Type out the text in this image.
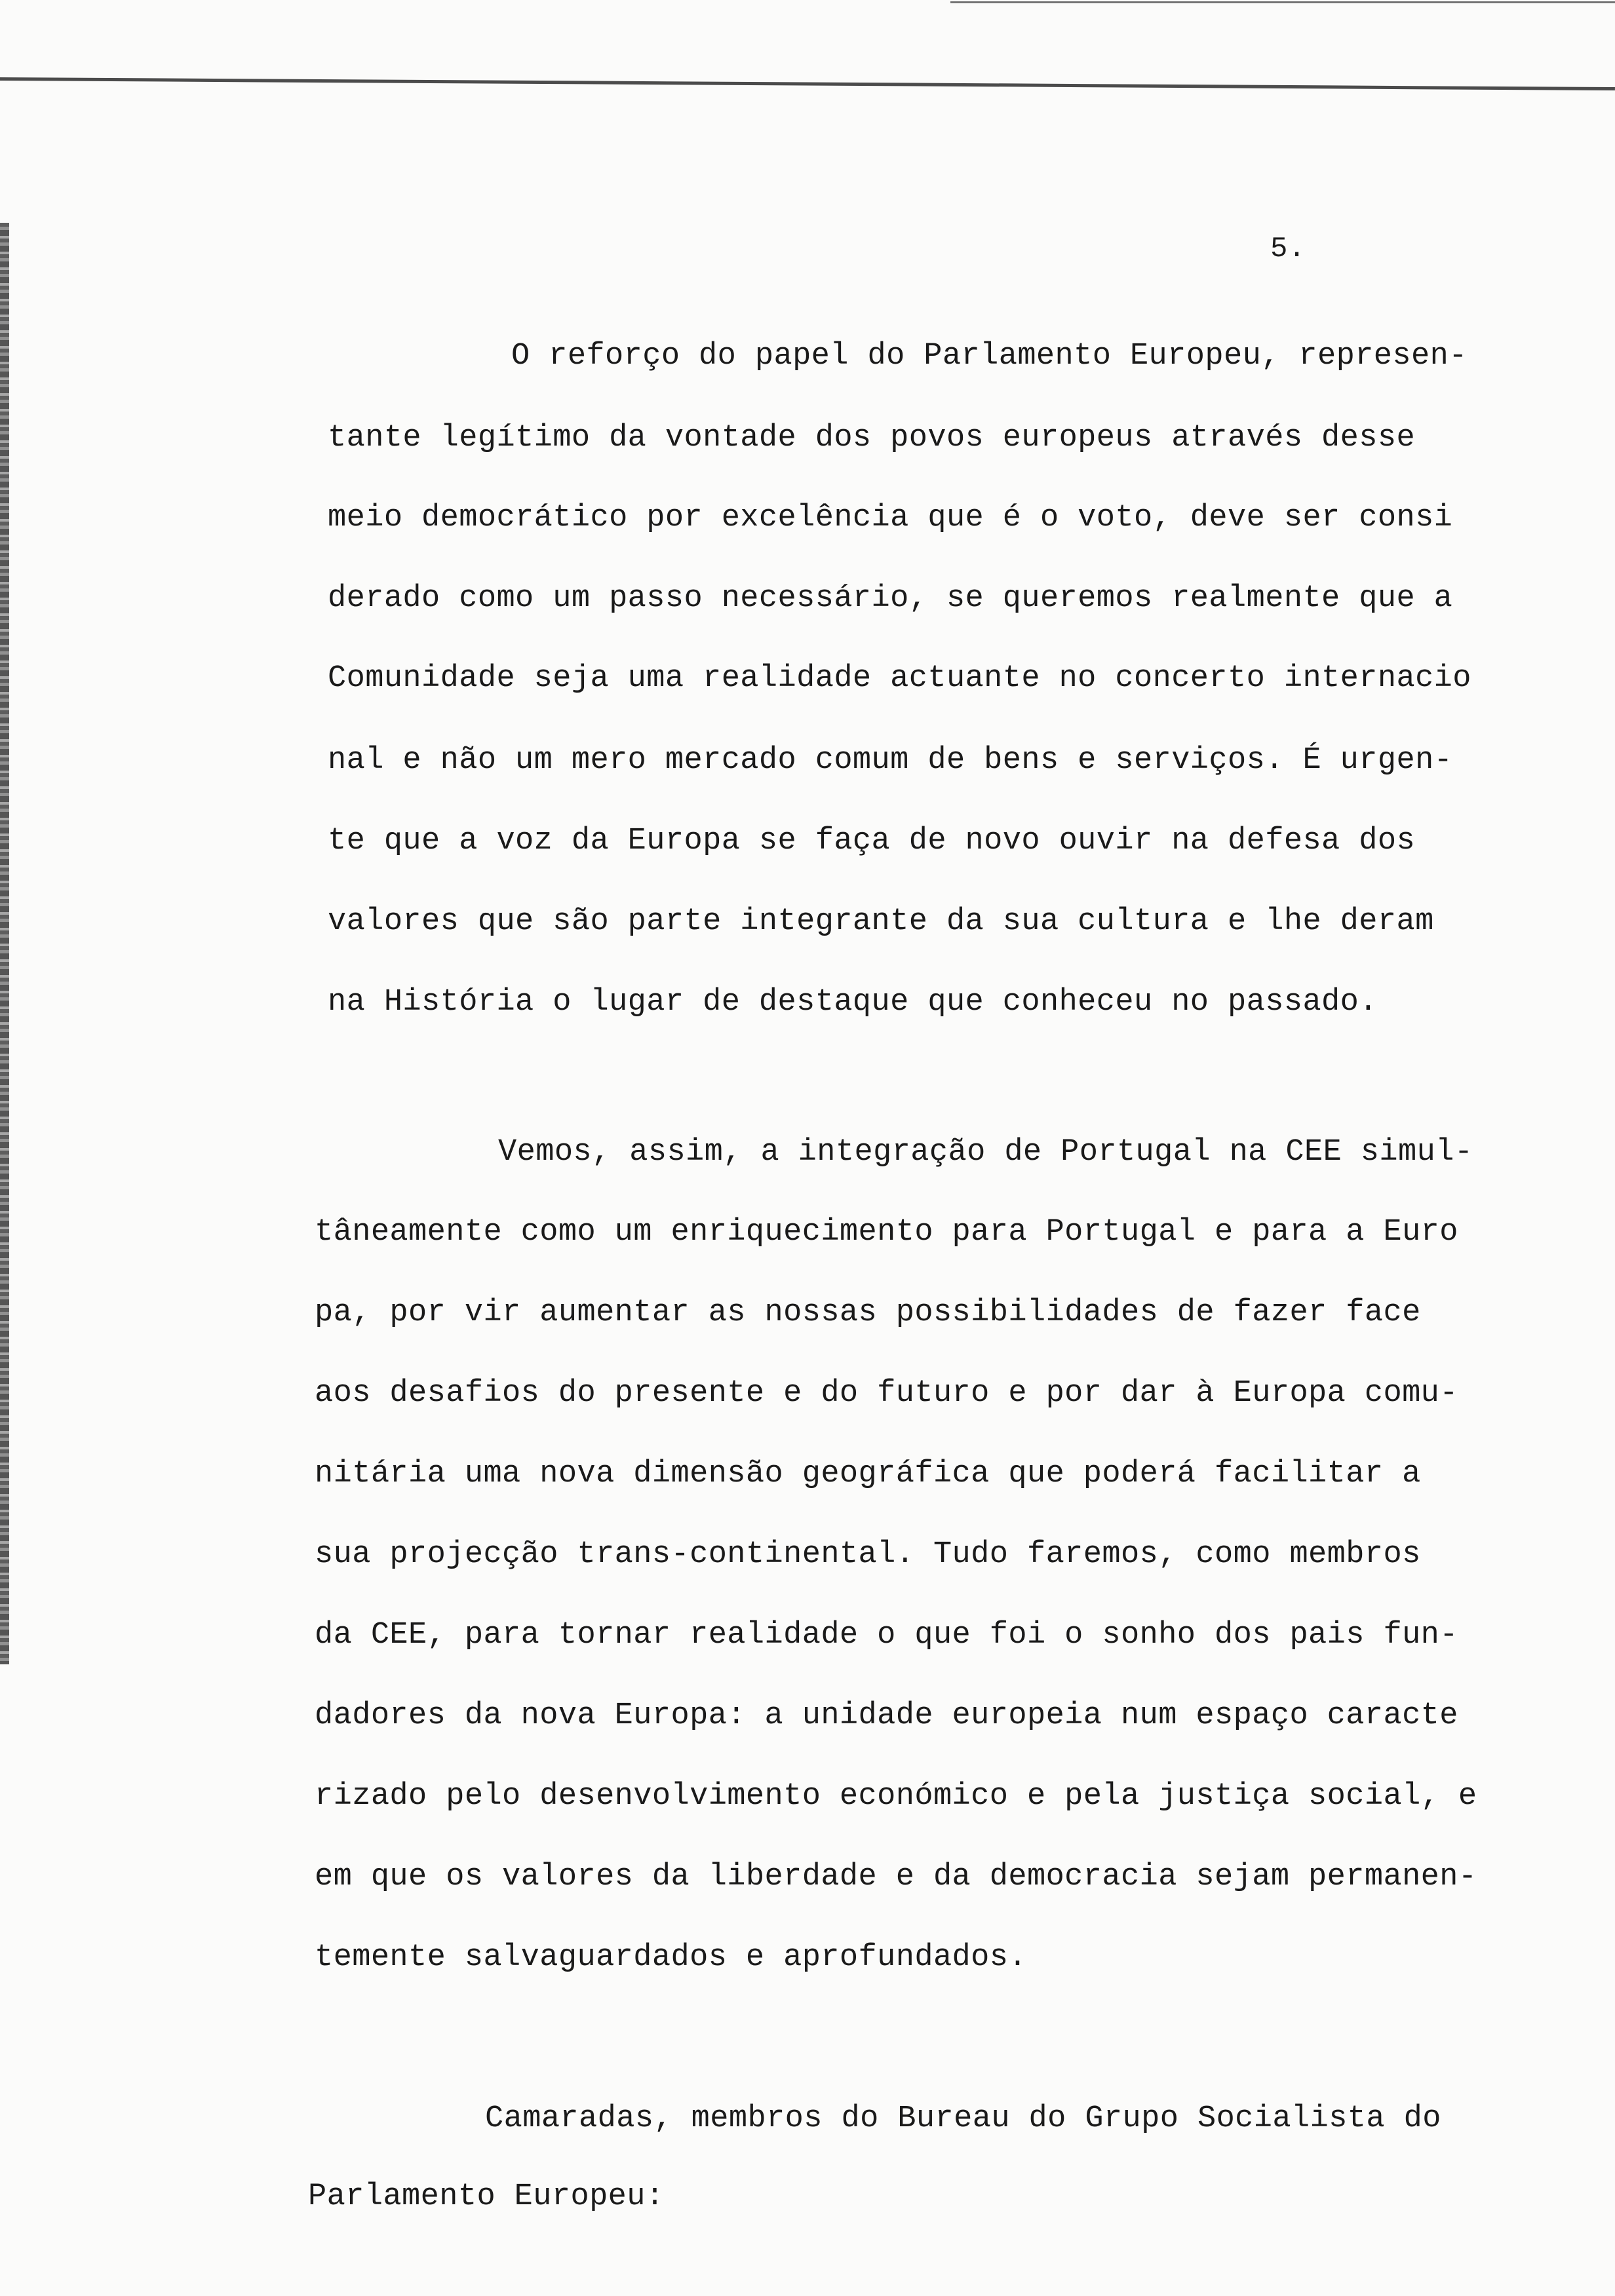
5.
O reforço do papel do Parlamento Europeu, represen-
tante legítimo da vontade dos povos europeus através desse
meio democrático por excelência que é o voto, deve ser consi
derado como um passo necessário, se queremos realmente que a
Comunidade seja uma realidade actuante no concerto internacio
nal e não um mero mercado comum de bens e serviços. É urgen-
te que a voz da Europa se faça de novo ouvir na defesa dos
valores que são parte integrante da sua cultura e lhe deram
na História o lugar de destaque que conheceu no passado.
Vemos, assim, a integração de Portugal na CEE simul-
tâneamente como um enriquecimento para Portugal e para a Euro
pa, por vir aumentar as nossas possibilidades de fazer face
aos desafios do presente e do futuro e por dar à Europa comu-
nitária uma nova dimensão geográfica que poderá facilitar a
sua projecção trans-continental. Tudo faremos, como membros
da CEE, para tornar realidade o que foi o sonho dos pais fun-
dadores da nova Europa: a unidade europeia num espaço caracte
rizado pelo desenvolvimento económico e pela justiça social, e
em que os valores da liberdade e da democracia sejam permanen-
temente salvaguardados e aprofundados.
Camaradas, membros do Bureau do Grupo Socialista do
Parlamento Europeu:
